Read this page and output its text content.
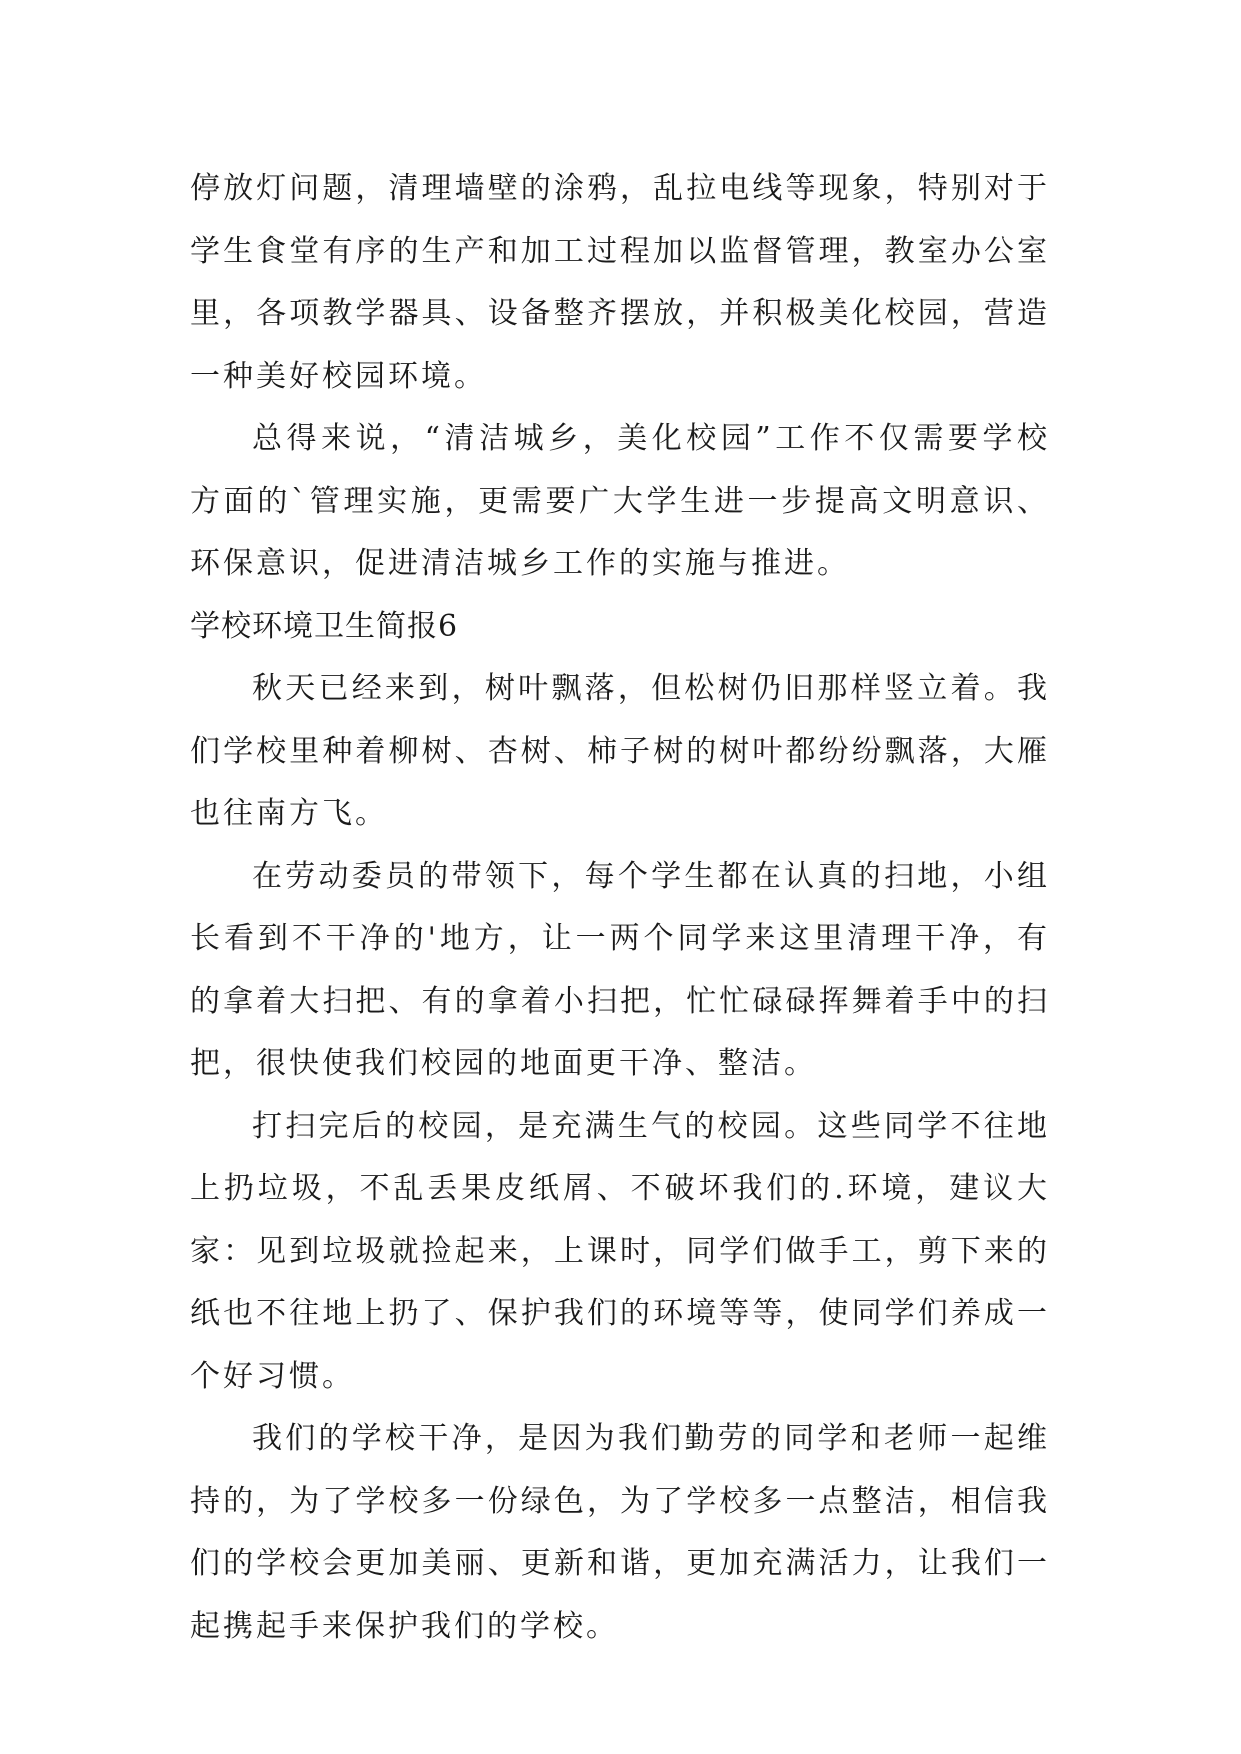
停放灯问题，清理墙壁的涂鸦，乱拉电线等现象，特别对于
学生食堂有序的生产和加工过程加以监督管理，教室办公室
里，各项教学器具、设备整齐摆放，并积极美化校园，营造
一种美好校园环境。
总得来说，“清洁城乡，美化校园”工作不仅需要学校
方面的`管理实施，更需要广大学生进一步提高文明意识、
环保意识，促进清洁城乡工作的实施与推进。
学校环境卫生简报6
秋天已经来到，树叶飘落，但松树仍旧那样竖立着。我
们学校里种着柳树、杏树、柿子树的树叶都纷纷飘落，大雁
也往南方飞。
在劳动委员的带领下，每个学生都在认真的扫地，小组
长看到不干净的'地方，让一两个同学来这里清理干净，有
的拿着大扫把、有的拿着小扫把，忙忙碌碌挥舞着手中的扫
把，很快使我们校园的地面更干净、整洁。
打扫完后的校园，是充满生气的校园。这些同学不往地
上扔垃圾，不乱丢果皮纸屑、不破坏我们的.环境，建议大
家：见到垃圾就捡起来，上课时，同学们做手工，剪下来的
纸也不往地上扔了、保护我们的环境等等，使同学们养成一
个好习惯。
我们的学校干净，是因为我们勤劳的同学和老师一起维
持的，为了学校多一份绿色，为了学校多一点整洁，相信我
们的学校会更加美丽、更新和谐，更加充满活力，让我们一
起携起手来保护我们的学校。
